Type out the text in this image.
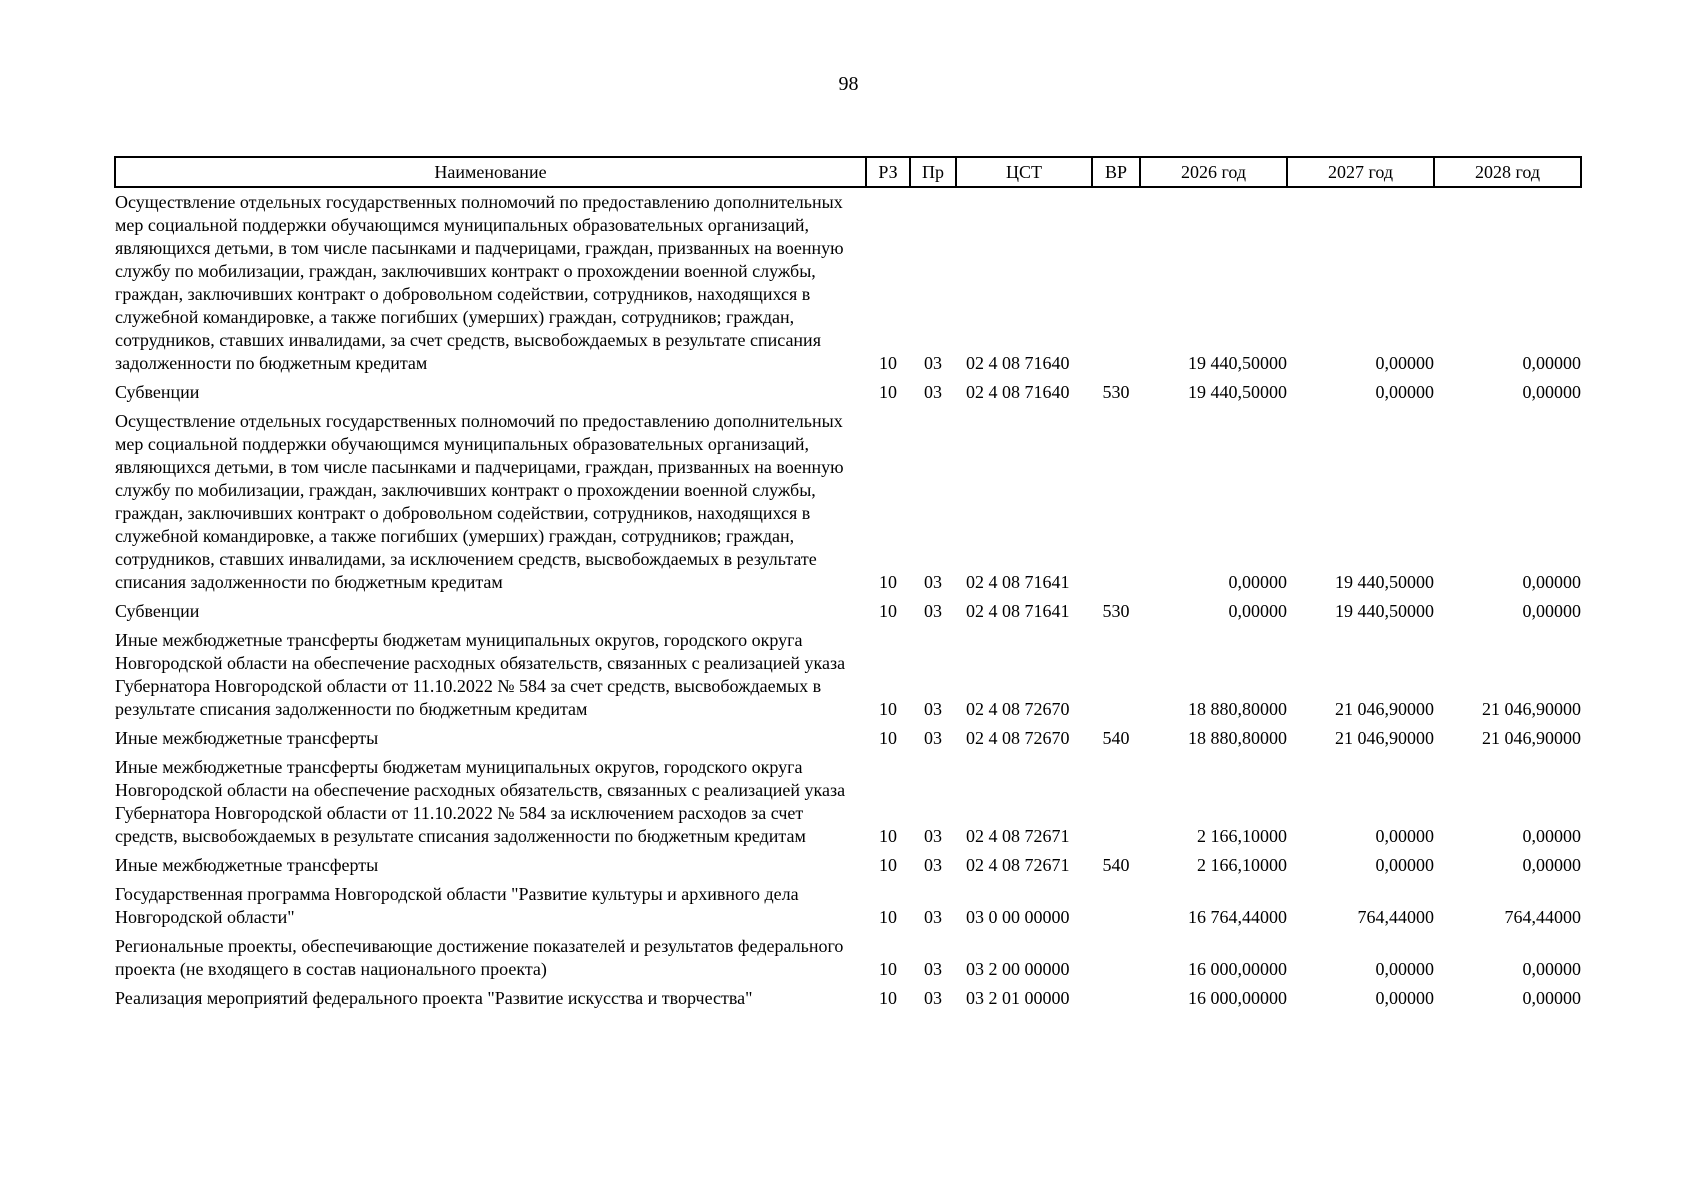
98
Наименование	РЗ	Пр	ЦСТ	ВР	2026 год	2027 год	2028 год
Осуществление отдельных государственных полномочий по предоставлению дополнительных мер социальной поддержки обучающимся муниципальных образовательных организаций, являющихся детьми, в том числе пасынками и падчерицами, граждан, призванных на военную службу по мобилизации, граждан, заключивших контракт о прохождении военной службы, граждан, заключивших контракт о добровольном содействии, сотрудников, находящихся в служебной командировке, а также погибших (умерших) граждан, сотрудников; граждан, сотрудников, ставших инвалидами, за счет средств, высвобождаемых в результате списания задолженности по бюджетным кредитам	10	03	02 4 08 71640		19 440,50000	0,00000	0,00000
Субвенции	10	03	02 4 08 71640	530	19 440,50000	0,00000	0,00000
Осуществление отдельных государственных полномочий по предоставлению дополнительных мер социальной поддержки обучающимся муниципальных образовательных организаций, являющихся детьми, в том числе пасынками и падчерицами, граждан, призванных на военную службу по мобилизации, граждан, заключивших контракт о прохождении военной службы, граждан, заключивших контракт о добровольном содействии, сотрудников, находящихся в служебной командировке, а также погибших (умерших) граждан, сотрудников; граждан, сотрудников, ставших инвалидами, за исключением средств, высвобождаемых в результате списания задолженности по бюджетным кредитам	10	03	02 4 08 71641		0,00000	19 440,50000	0,00000
Субвенции	10	03	02 4 08 71641	530	0,00000	19 440,50000	0,00000
Иные межбюджетные трансферты бюджетам муниципальных округов, городского округа Новгородской области на обеспечение расходных обязательств, связанных с реализацией указа Губернатора Новгородской области от 11.10.2022 № 584 за счет средств, высвобождаемых в результате списания задолженности по бюджетным кредитам	10	03	02 4 08 72670		18 880,80000	21 046,90000	21 046,90000
Иные межбюджетные трансферты	10	03	02 4 08 72670	540	18 880,80000	21 046,90000	21 046,90000
Иные межбюджетные трансферты бюджетам муниципальных округов, городского округа Новгородской области на обеспечение расходных обязательств, связанных с реализацией указа Губернатора Новгородской области от 11.10.2022 № 584 за исключением расходов за счет средств, высвобождаемых в результате списания задолженности по бюджетным кредитам	10	03	02 4 08 72671		2 166,10000	0,00000	0,00000
Иные межбюджетные трансферты	10	03	02 4 08 72671	540	2 166,10000	0,00000	0,00000
Государственная программа Новгородской области "Развитие культуры и архивного дела Новгородской области"	10	03	03 0 00 00000		16 764,44000	764,44000	764,44000
Региональные проекты, обеспечивающие достижение показателей и результатов федерального проекта (не входящего в состав национального проекта)	10	03	03 2 00 00000		16 000,00000	0,00000	0,00000
Реализация мероприятий федерального проекта "Развитие искусства и творчества"	10	03	03 2 01 00000		16 000,00000	0,00000	0,00000
